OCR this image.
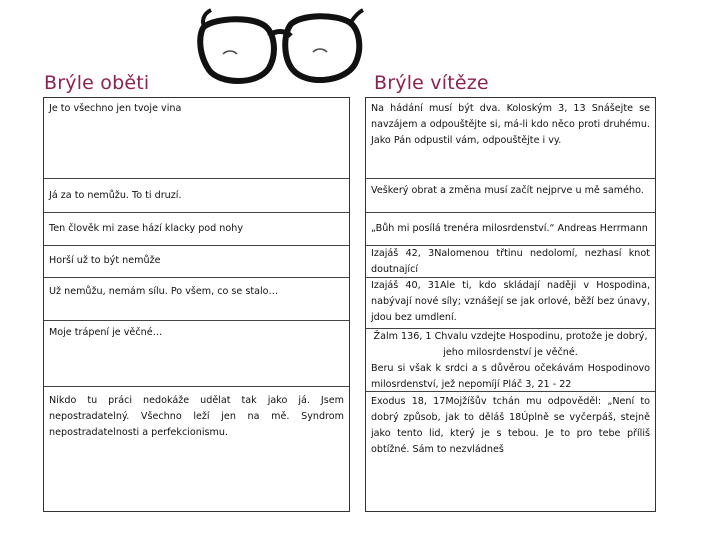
Brýle oběti	Brýle vítěze
Je to všechno jen tvoje vina
Já za to nemůžu. To ti druzí.
Ten člověk mi zase hází klacky pod nohy
Horší už to být nemůže
Už nemůžu, nemám sílu. Po všem, co se stalo…
Moje trápení je věčné…
Nikdo tu práci nedokáže udělat tak jako já. Jsem nepostradatelný. Všechno leží jen na mě. Syndrom nepostradatelnosti a perfekcionismu.
Na hádání musí být dva. Koloským 3, 13 Snášejte se navzájem a odpouštějte si, má-li kdo něco proti druhému. Jako Pán odpustil vám, odpouštějte i vy.
Veškerý obrat a změna musí začít nejprve u mě samého.
„Bůh mi posílá trenéra milosrdenství.“ Andreas Herrmann
Izajáš 42, 3Nalomenou třtinu nedolomí, nezhasí knot doutnající
Izajáš 40, 31Ale ti, kdo skládají naději v Hospodina, nabývají nové síly; vznášejí se jak orlové, běží bez únavy, jdou bez umdlení.
Žalm 136, 1 Chvalu vzdejte Hospodinu, protože je dobrý, jeho milosrdenství je věčné.
Beru si však k srdci a s důvěrou očekávám Hospodinovo milosrdenství, jež nepomíjí Pláč 3, 21 - 22
Exodus 18, 17Mojžíšův tchán mu odpověděl: „Není to dobrý způsob, jak to děláš 18Úplně se vyčerpáš, stejně jako tento lid, který je s tebou. Je to pro tebe příliš obtížné. Sám to nezvládneš
